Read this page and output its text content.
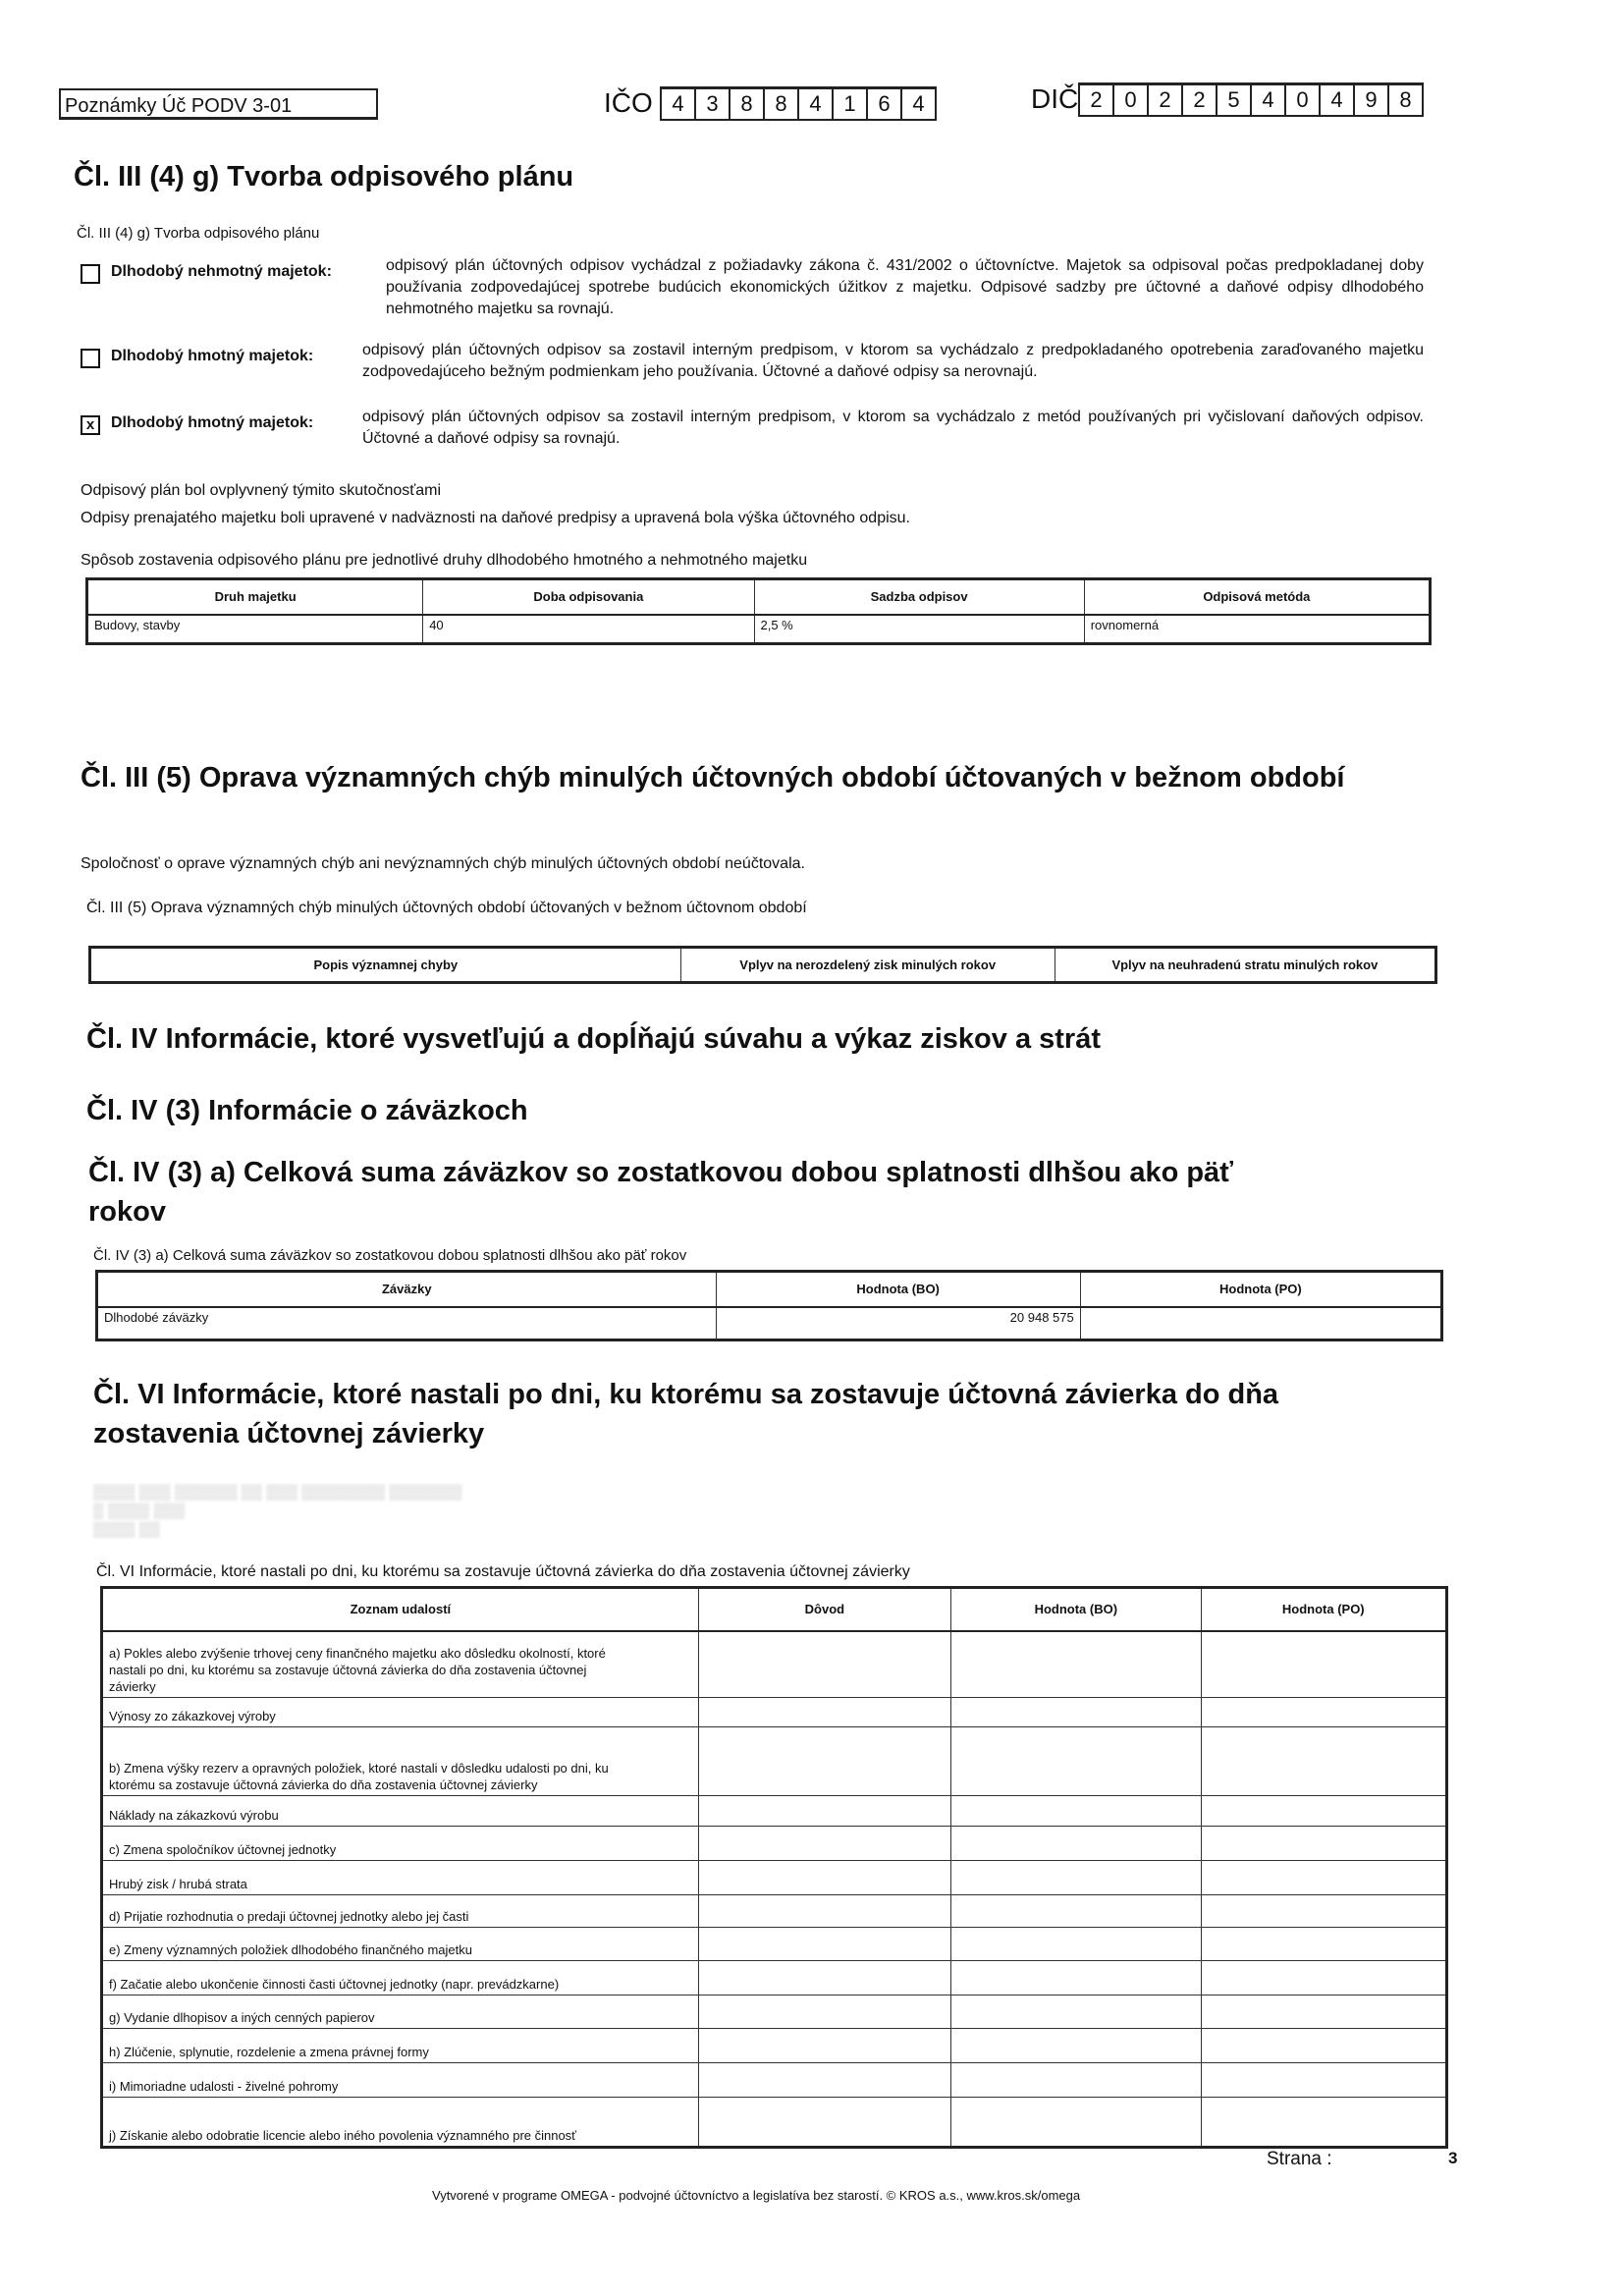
Poznámky Úč PODV 3-01	IČO 4	3	8	8	4	1	6	4	DIČ 2	0	2	2	5	4	0	4	9	8
Čl. III (4) g) Tvorba odpisového plánu
Čl. III (4) g) Tvorba odpisového plánu
Dlhodobý nehmotný majetok:	odpisový plán účtovných odpisov vychádzal z požiadavky zákona č. 431/2002 o účtovníctve. Majetok sa odpisoval počas predpokladanej doby používania zodpovedajúcej spotrebe budúcich ekonomických úžitkov z majetku. Odpisové sadzby pre účtovné a daňové odpisy dlhodobého nehmotného majetku sa rovnajú.
Dlhodobý hmotný majetok:	odpisový plán účtovných odpisov sa zostavil interným predpisom, v ktorom sa vychádzalo z predpokladaného opotrebenia zaraďovaného majetku zodpovedajúceho bežným podmienkam jeho používania. Účtovné a daňové odpisy sa nerovnajú.
x	Dlhodobý hmotný majetok:	odpisový plán účtovných odpisov sa zostavil interným predpisom, v ktorom sa vychádzalo z metód používaných pri vyčislovaní daňových odpisov. Účtovné a daňové odpisy sa rovnajú.
Odpisový plán bol ovplyvnený týmito skutočnosťami
Odpisy prenajatého majetku boli upravené v nadväznosti na daňové predpisy a upravená bola výška účtovného odpisu.
Spôsob zostavenia odpisového plánu pre jednotlivé druhy dlhodobého hmotného a nehmotného majetku
Druh majetku	Doba odpisovania	Sadzba odpisov	Odpisová metóda
Budovy, stavby	40	2,5 %	rovnomerná
Čl. III (5) Oprava významných chýb minulých účtovných období účtovaných v bežnom období
Spoločnosť o oprave významných chýb ani nevýznamných chýb minulých účtovných období neúčtovala.
Čl. III (5) Oprava významných chýb minulých účtovných období účtovaných v bežnom účtovnom období
Popis významnej chyby	Vplyv na nerozdelený zisk minulých rokov	Vplyv na neuhradenú stratu minulých rokov
Čl. IV Informácie, ktoré vysvetľujú a dopĺňajú súvahu a výkaz ziskov a strát
Čl. IV (3) Informácie o záväzkoch
Čl. IV (3) a) Celková suma záväzkov so zostatkovou dobou splatnosti dlhšou ako päť rokov
Čl. IV (3) a) Celková suma záväzkov so zostatkovou dobou splatnosti dlhšou ako päť rokov
Záväzky	Hodnota (BO)	Hodnota (PO)
Dlhodobé záväzky	20 948 575	
Čl. VI Informácie, ktoré nastali po dni, ku ktorému sa zostavuje účtovná závierka do dňa zostavenia účtovnej závierky
▒▒▒▒ ▒▒▒ ▒▒▒▒▒▒ ▒▒ ▒▒▒ ▒▒▒▒▒▒▒▒ ▒▒▒▒▒▒▒
▒ ▒▒▒▒ ▒▒▒
▒▒▒▒ ▒▒
Čl. VI Informácie, ktoré nastali po dni, ku ktorému sa zostavuje účtovná závierka do dňa zostavenia účtovnej závierky
Zoznam udalostí	Dôvod	Hodnota (BO)	Hodnota (PO)
a) Pokles alebo zvýšenie trhovej ceny finančného majetku ako dôsledku okolností, ktoré nastali po dni, ku ktorému sa zostavuje účtovná závierka do dňa zostavenia účtovnej závierky			
Výnosy zo zákazkovej výroby			
b) Zmena výšky rezerv a opravných položiek, ktoré nastali v dôsledku udalosti po dni, ku ktorému sa zostavuje účtovná závierka do dňa zostavenia účtovnej závierky			
Náklady na zákazkovú výrobu			
c) Zmena spoločníkov účtovnej jednotky			
Hrubý zisk / hrubá strata			
d) Prijatie rozhodnutia o predaji účtovnej jednotky alebo jej časti			
e) Zmeny významných položiek dlhodobého finančného majetku			
f) Začatie alebo ukončenie činnosti časti účtovnej jednotky (napr. prevádzkarne)			
g) Vydanie dlhopisov a iných cenných papierov			
h) Zlúčenie, splynutie, rozdelenie a zmena právnej formy			
i) Mimoriadne udalosti - živelné pohromy			
j) Získanie alebo odobratie licencie alebo iného povolenia významného pre činnosť			
Strana :	3
Vytvorené v programe OMEGA - podvojné účtovníctvo a legislatíva bez starostí. © KROS a.s., www.kros.sk/omega
